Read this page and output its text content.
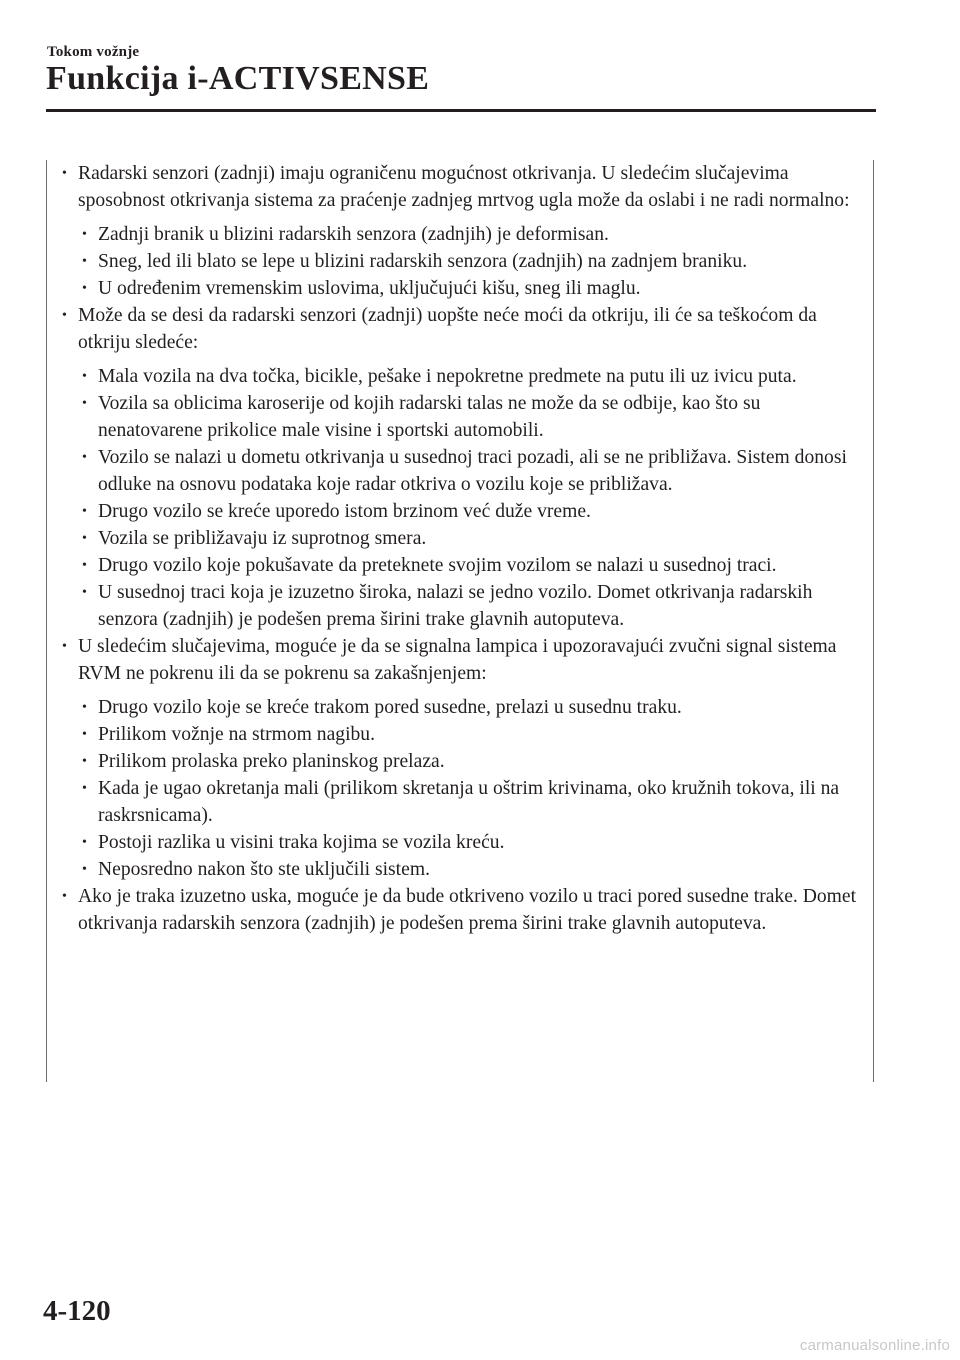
Tokom vožnje
Funkcija i-ACTIVSENSE

• Radarski senzori (zadnji) imaju ograničenu mogućnost otkrivanja. U sledećim slučajevima sposobnost otkrivanja sistema za praćenje zadnjeg mrtvog ugla može da oslabi i ne radi normalno:

• Zadnji branik u blizini radarskih senzora (zadnjih) je deformisan.

• Sneg, led ili blato se lepe u blizini radarskih senzora (zadnjih) na zadnjem braniku.

• U određenim vremenskim uslovima, uključujući kišu, sneg ili maglu.

• Može da se desi da radarski senzori (zadnji) uopšte neće moći da otkriju, ili će sa teškoćom da otkriju sledeće:

• Mala vozila na dva točka, bicikle, pešake i nepokretne predmete na putu ili uz ivicu puta.

• Vozila sa oblicima karoserije od kojih radarski talas ne može da se odbije, kao što su nenatovarene prikolice male visine i sportski automobili.

• Vozilo se nalazi u dometu otkrivanja u susednoj traci pozadi, ali se ne približava. Sistem donosi odluke na osnovu podataka koje radar otkriva o vozilu koje se približava.

• Drugo vozilo se kreće uporedo istom brzinom već duže vreme.

• Vozila se približavaju iz suprotnog smera.

• Drugo vozilo koje pokušavate da preteknete svojim vozilom se nalazi u susednoj traci.

• U susednoj traci koja je izuzetno široka, nalazi se jedno vozilo. Domet otkrivanja radarskih senzora (zadnjih) je podešen prema širini trake glavnih autoputeva.

• U sledećim slučajevima, moguće je da se signalna lampica i upozoravajući zvučni signal sistema RVM ne pokrenu ili da se pokrenu sa zakašnjenjem:

• Drugo vozilo koje se kreće trakom pored susedne, prelazi u susednu traku.

• Prilikom vožnje na strmom nagibu.

• Prilikom prolaska preko planinskog prelaza.

• Kada je ugao okretanja mali (prilikom skretanja u oštrim krivinama, oko kružnih tokova, ili na raskrsnicama).

• Postoji razlika u visini traka kojima se vozila kreću.

• Neposredno nakon što ste uključili sistem.

• Ako je traka izuzetno uska, moguće je da bude otkriveno vozilo u traci pored susedne trake. Domet otkrivanja radarskih senzora (zadnjih) je podešen prema širini trake glavnih autoputeva.

4-120
carmanualsonline.info
